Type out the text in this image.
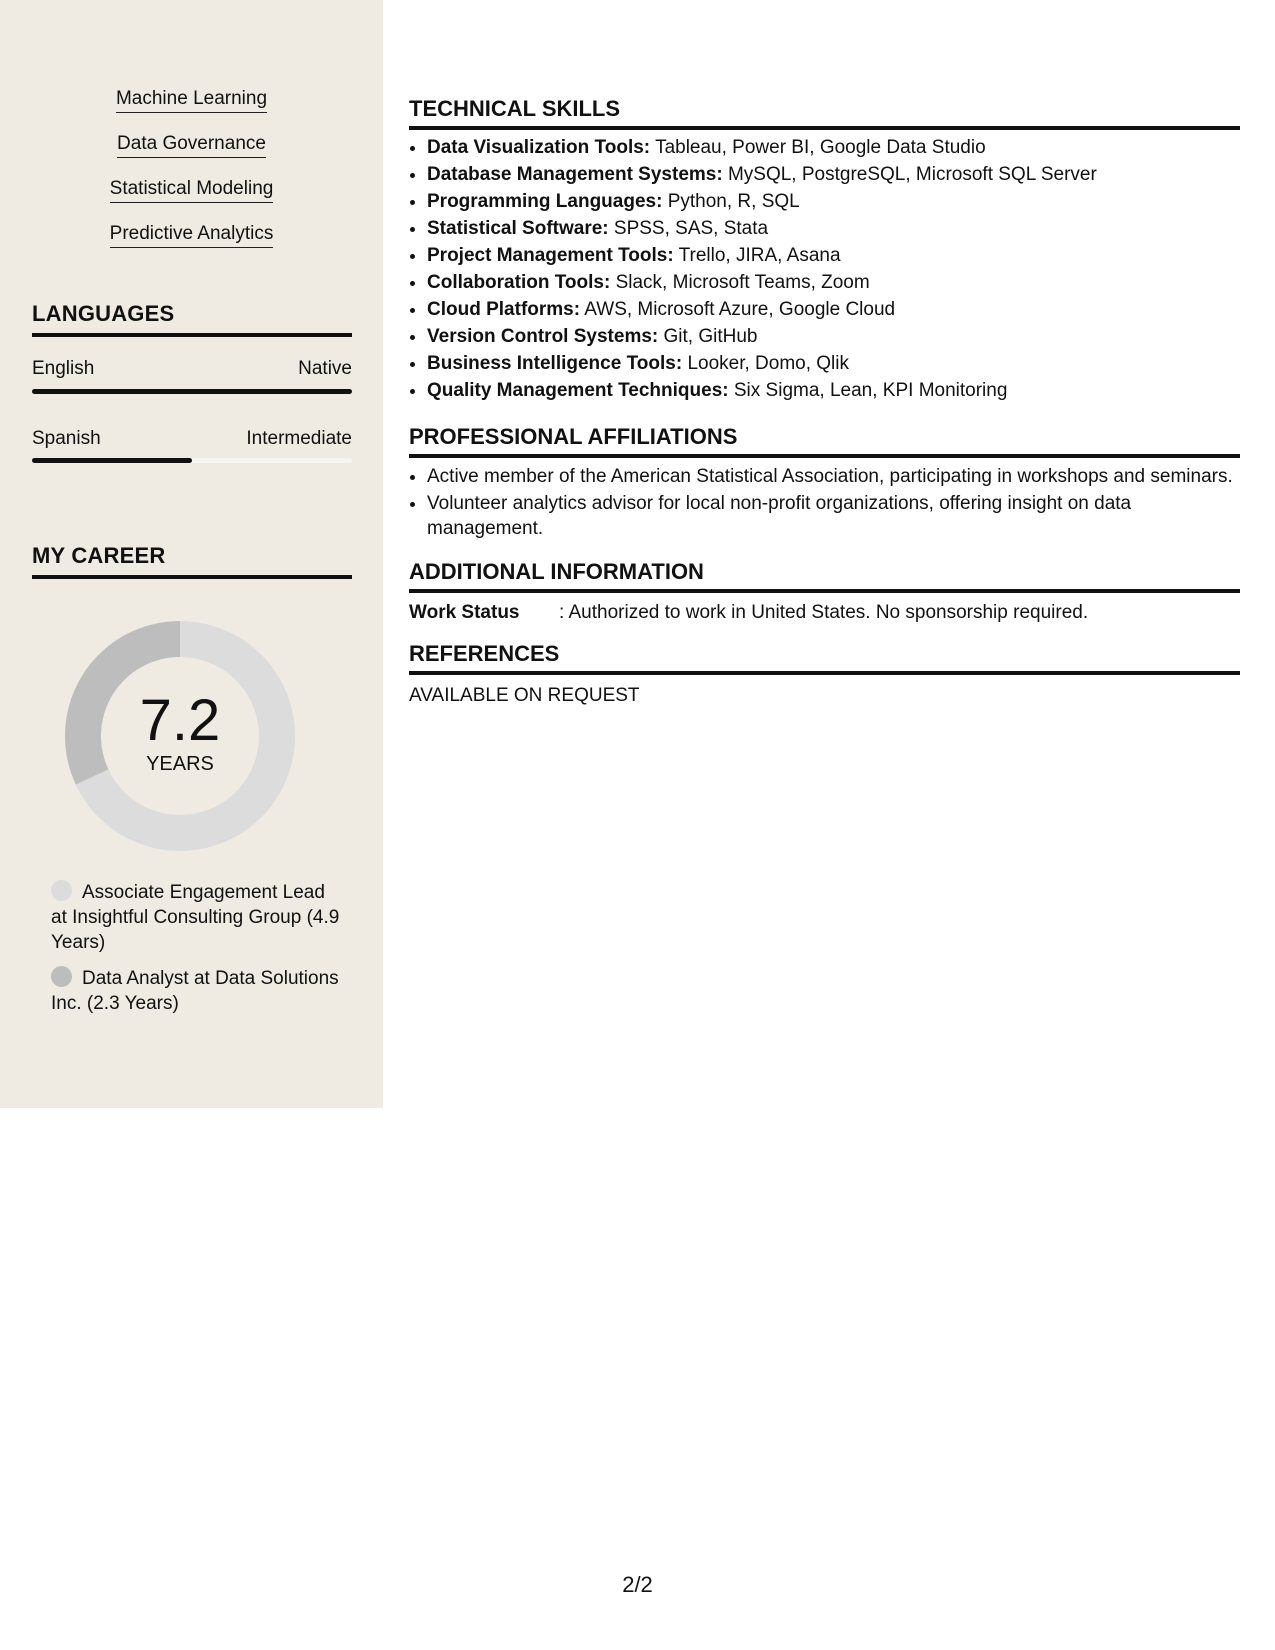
Machine Learning
Data Governance
Statistical Modeling
Predictive Analytics
LANGUAGES
English	Native
Spanish	Intermediate
MY CAREER
7.2
YEARS
Associate Engagement Lead at Insightful Consulting Group (4.9 Years)
Data Analyst at Data Solutions Inc. (2.3 Years)
TECHNICAL SKILLS
• Data Visualization Tools: Tableau, Power BI, Google Data Studio
• Database Management Systems: MySQL, PostgreSQL, Microsoft SQL Server
• Programming Languages: Python, R, SQL
• Statistical Software: SPSS, SAS, Stata
• Project Management Tools: Trello, JIRA, Asana
• Collaboration Tools: Slack, Microsoft Teams, Zoom
• Cloud Platforms: AWS, Microsoft Azure, Google Cloud
• Version Control Systems: Git, GitHub
• Business Intelligence Tools: Looker, Domo, Qlik
• Quality Management Techniques: Six Sigma, Lean, KPI Monitoring
PROFESSIONAL AFFILIATIONS
• Active member of the American Statistical Association, participating in workshops and seminars.
• Volunteer analytics advisor for local non-profit organizations, offering insight on data management.
ADDITIONAL INFORMATION
Work Status : Authorized to work in United States. No sponsorship required.
REFERENCES
AVAILABLE ON REQUEST
2/2
